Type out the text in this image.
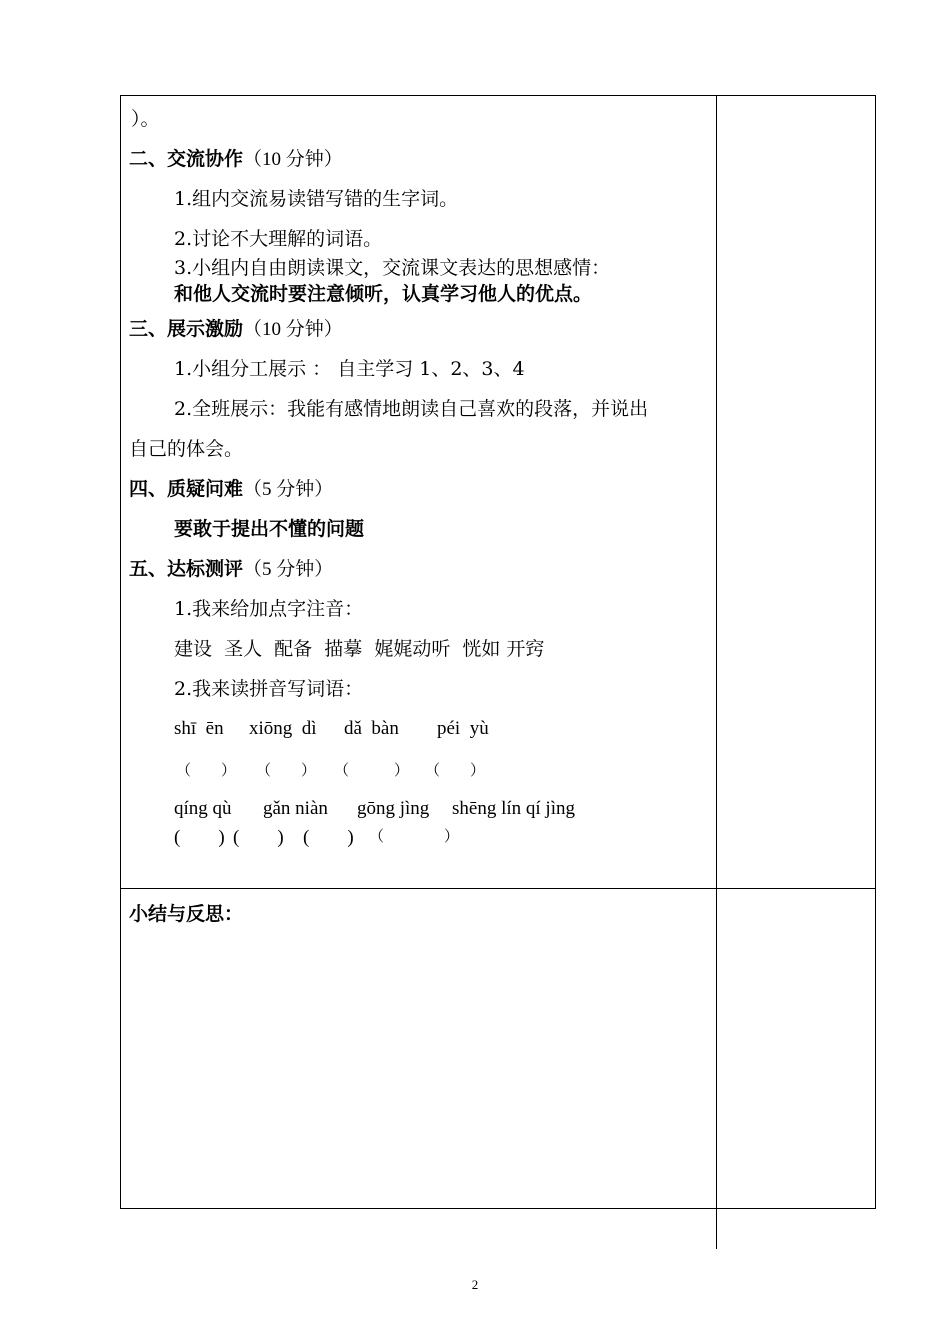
）。
二、交流协作（10 分钟）
1.组内交流易读错写错的生字词。
2.讨论不大理解的词语。
3.小组内自由朗读课文，交流课文表达的思想感情：
和他人交流时要注意倾听，认真学习他人的优点。
三、展示激励（10 分钟）
1.小组分工展示 ： 自主学习 1、2、3、4
2.全班展示：我能有感情地朗读自己喜欢的段落，并说出
自己的体会。
四、质疑问难（5 分钟）
要敢于提出不懂的问题
五、达标测评（5 分钟）
1.我来给加点字注音：
建设  圣人  配备  描摹  娓娓动听  恍如 开窍
2.我来读拼音写词语：
shī  ēn xiōng  dì dǎ  bàn péi  yù
（　　） （　　） （　　　） （　　）
qíng qù gǎn niàn gōng jìng shēng lín qí jìng
(　　) (　　) (　　) （　　　　）
小结与反思：
2
